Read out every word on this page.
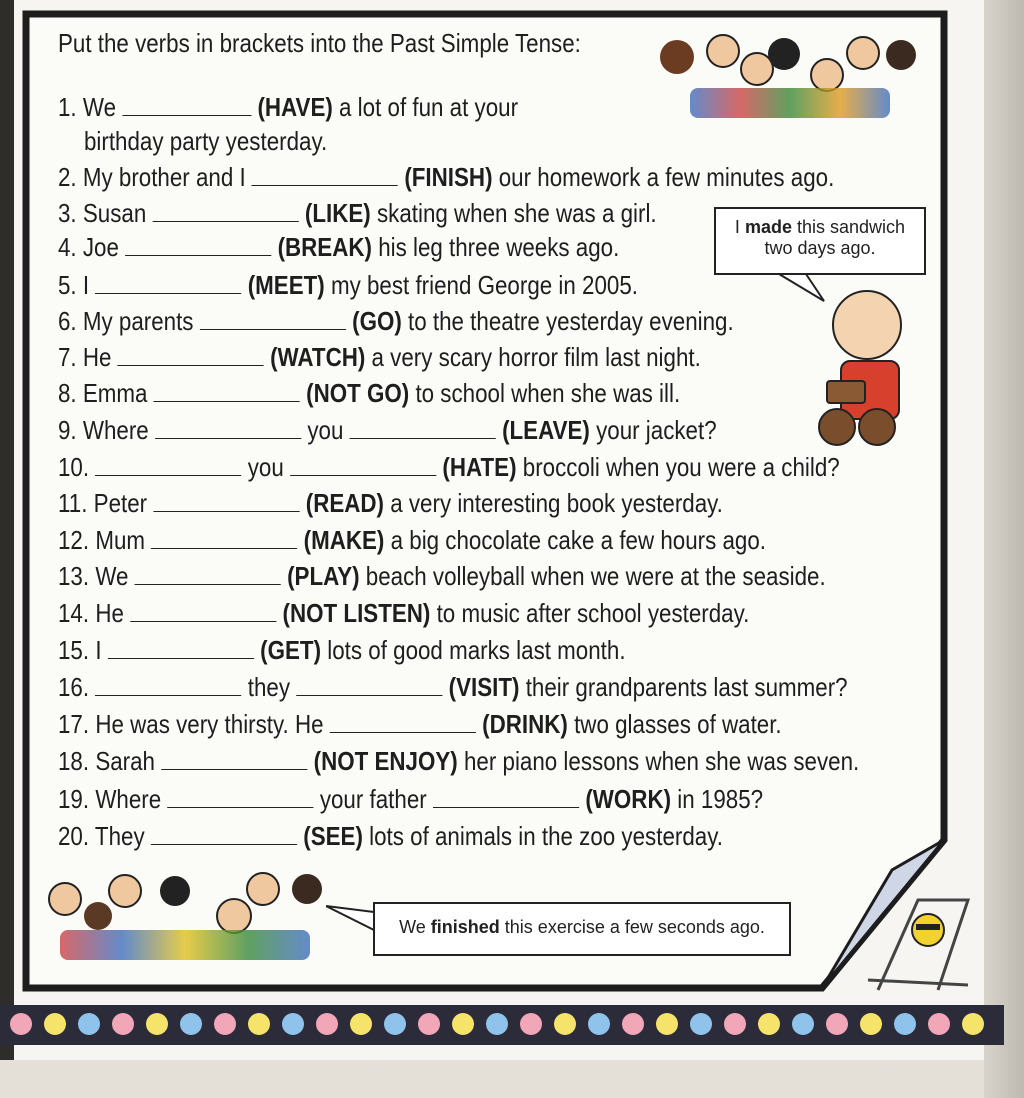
Put the verbs in brackets into the Past Simple Tense:
1. We	(HAVE) a lot of fun at your
birthday party yesterday.
2. My brother and I	(FINISH) our homework a few minutes ago.
3. Susan	(LIKE) skating when she was a girl.
4. Joe	(BREAK) his leg three weeks ago.
5. I	(MEET) my best friend George in 2005.
6. My parents	(GO) to the theatre yesterday evening.
7. He	(WATCH) a very scary horror film last night.
8. Emma	(NOT GO) to school when she was ill.
9. Where	you	(LEAVE) your jacket?
10.	you	(HATE) broccoli when you were a child?
11. Peter	(READ) a very interesting book yesterday.
12. Mum	(MAKE) a big chocolate cake a few hours ago.
13. We	(PLAY) beach volleyball when we were at the seaside.
14. He	(NOT LISTEN) to music after school yesterday.
15. I	(GET) lots of good marks last month.
16.	they	(VISIT) their grandparents last summer?
17. He was very thirsty. He	(DRINK) two glasses of water.
18. Sarah	(NOT ENJOY) her piano lessons when she was seven.
19. Where	your father	(WORK) in 1985?
20. They	(SEE) lots of animals in the zoo yesterday.
I made this sandwich
two days ago.
We finished this exercise a few seconds ago.
